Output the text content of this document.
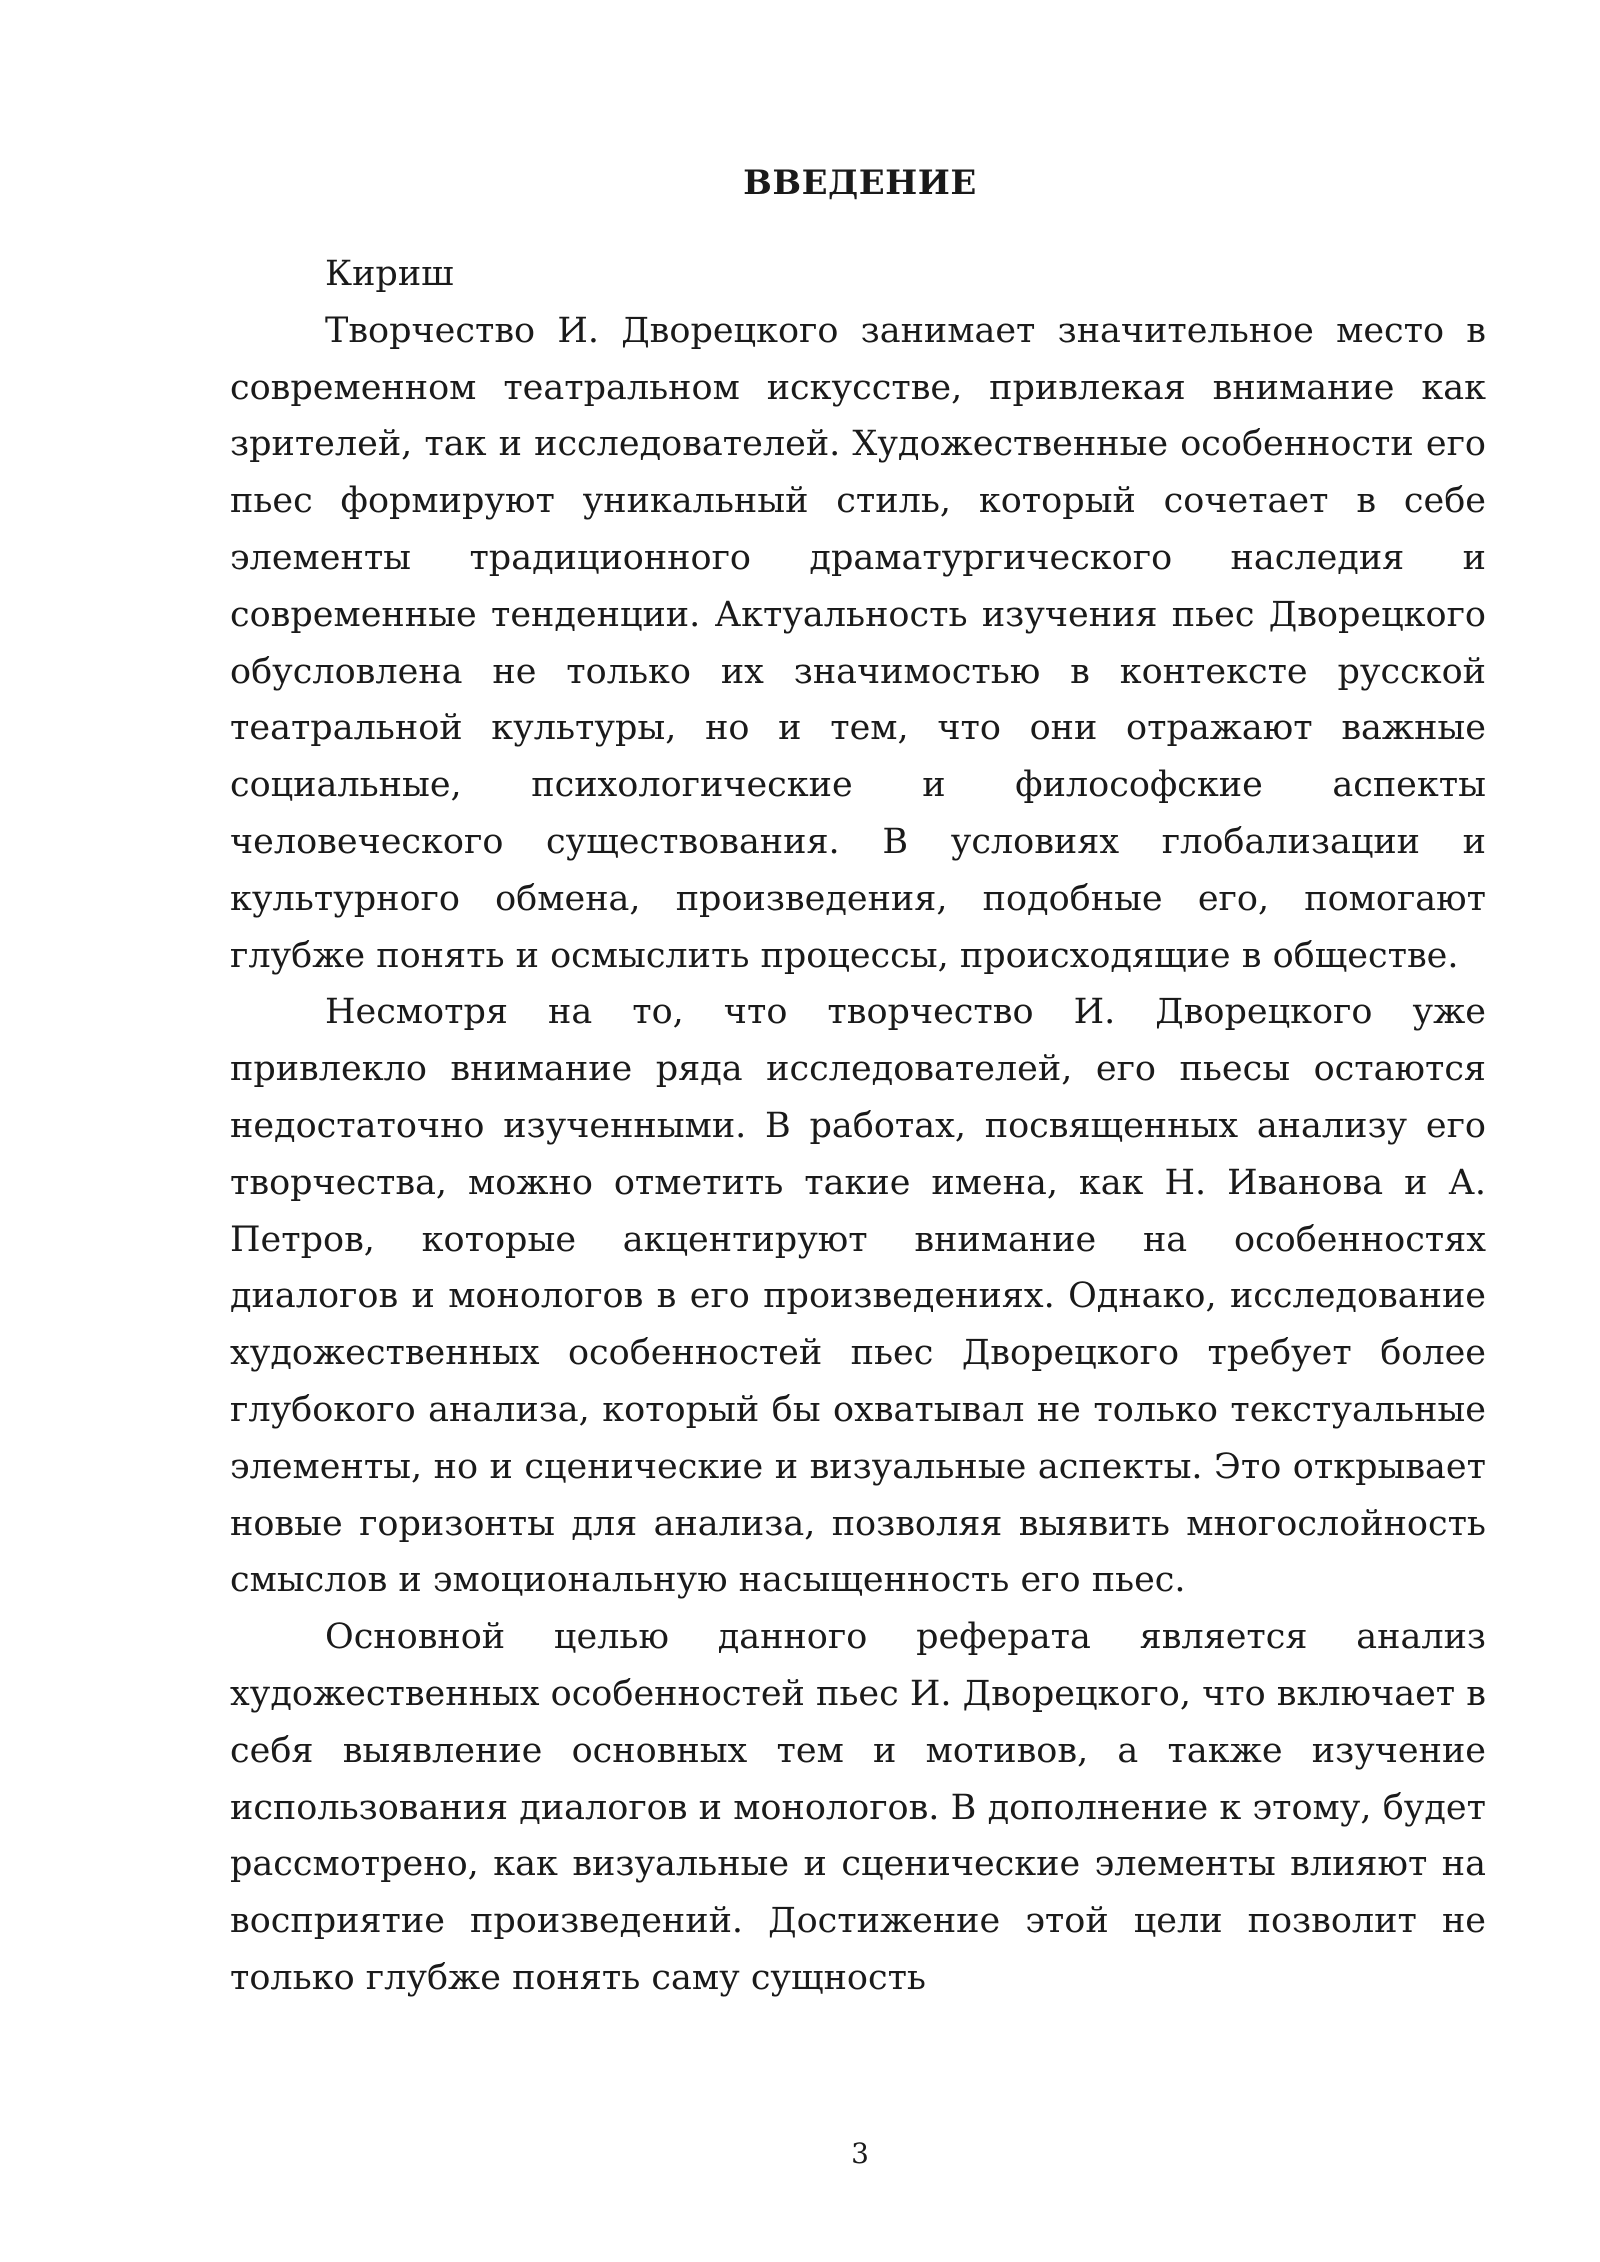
ВВЕДЕНИЕ

Кириш

Творчество И. Дворецкого занимает значительное место в современном театральном искусстве, привлекая внимание как зрителей, так и исследователей. Художественные особенности его пьес формируют уникальный стиль, который сочетает в себе элементы традиционного драматургического наследия и современные тенденции. Актуальность изучения пьес Дворецкого обусловлена не только их значимостью в контексте русской театральной культуры, но и тем, что они отражают важные социальные, психологические и философские аспекты человеческого существования. В условиях глобализации и культурного обмена, произведения, подобные его, помогают глубже понять и осмыслить процессы, происходящие в обществе.

Несмотря на то, что творчество И. Дворецкого уже привлекло внимание ряда исследователей, его пьесы остаются недостаточно изученными. В работах, посвященных анализу его творчества, можно отметить такие имена, как Н. Иванова и А. Петров, которые акцентируют внимание на особенностях диалогов и монологов в его произведениях. Однако, исследование художественных особенностей пьес Дворецкого требует более глубокого анализа, который бы охватывал не только текстуальные элементы, но и сценические и визуальные аспекты. Это открывает новые горизонты для анализа, позволяя выявить многослойность смыслов и эмоциональную насыщенность его пьес.

Основной целью данного реферата является анализ художественных особенностей пьес И. Дворецкого, что включает в себя выявление основных тем и мотивов, а также изучение использования диалогов и монологов. В дополнение к этому, будет рассмотрено, как визуальные и сценические элементы влияют на восприятие произведений. Достижение этой цели позволит не только глубже понять саму сущность

3
